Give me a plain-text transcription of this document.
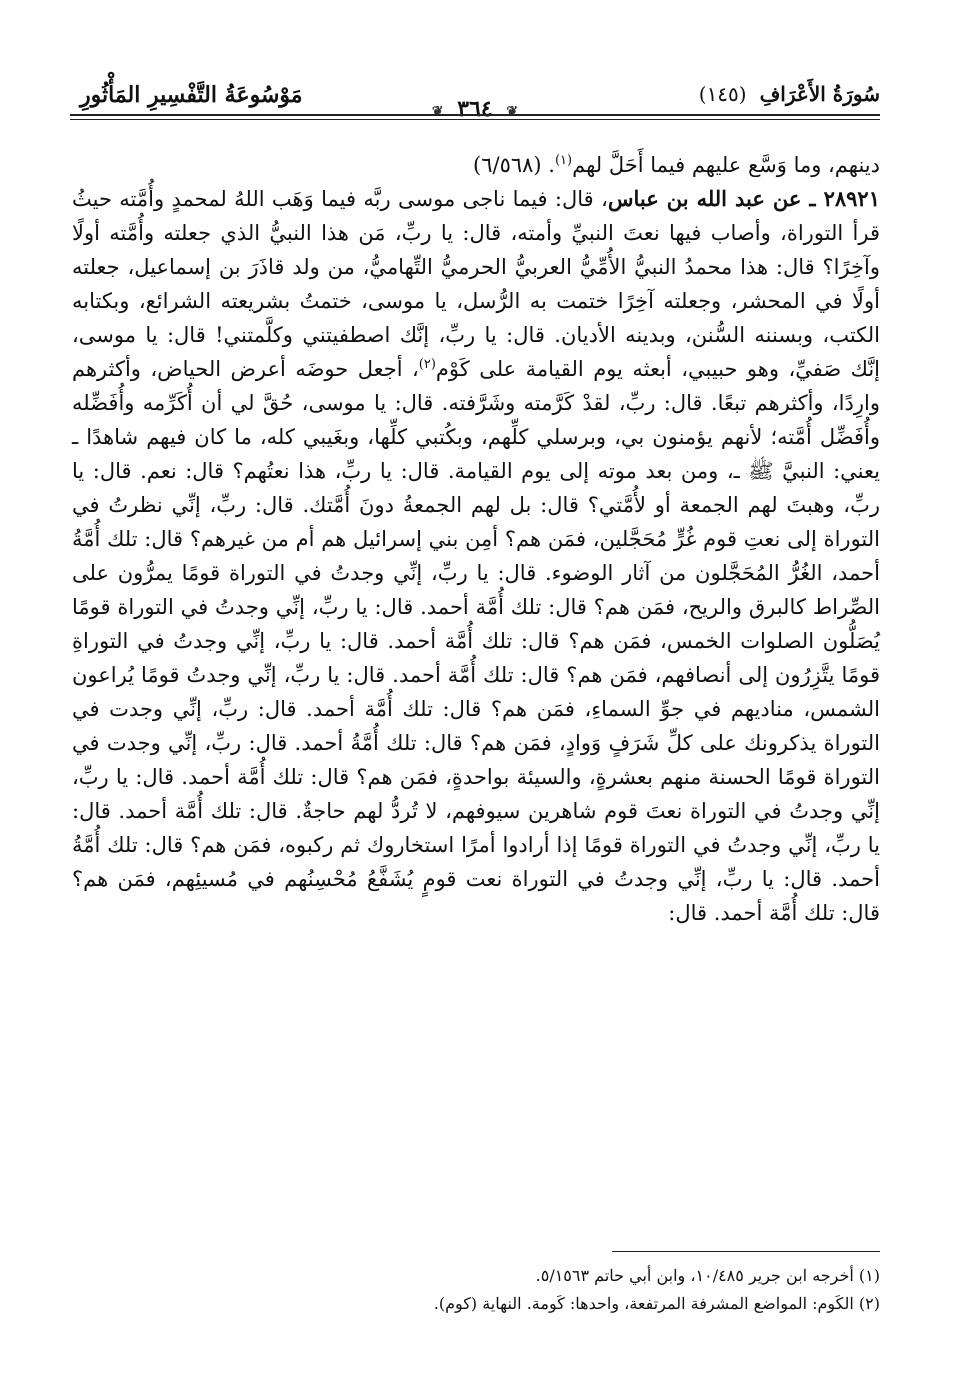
مَوْسُوعَةُ التَّفْسِيرِ المَأْثُورِ
❦ ٣٦٤ ❦
سُورَةُ الأَعْرَافِ (١٤٥)

دينهم، وما وَسَّع عليهم فيما أَحَلَّ لهم$^{(١)}$. (٦/٥٦٨)

٢٨٩٢١ ـ عن عبد الله بن عباس، قال: فيما ناجى موسى ربَّه فيما وَهَب اللهُ لمحمدٍ وأُمَّته حيثُ قرأ التوراة، وأصاب فيها نعتَ النبيِّ وأمته، قال: يا ربِّ، مَن هذا النبيُّ الذي جعلته وأُمَّته أولًا وآخِرًا؟ قال: هذا محمدُ النبيُّ الأُمِّيُّ العربيُّ الحرميُّ التِّهاميُّ، من ولد قاذَرَ بن إسماعيل، جعلته أولًا في المحشر، وجعلته آخِرًا ختمت به الرُّسل، يا موسى، ختمتُ بشريعته الشرائع، وبكتابه الكتب، وبسننه السُّنن، وبدينه الأديان. قال: يا ربِّ، إنَّك اصطفيتني وكلَّمتني! قال: يا موسى، إنَّك صَفيِّ، وهو حبيبي، أبعثه يوم القيامة على كَوْم$^{(٢)}$، أجعل حوضَه أعرض الحياض، وأكثرهم وارِدًا، وأكثرهم تبعًا. قال: ربِّ، لقدْ كَرَّمته وشَرَّفته. قال: يا موسى، حُقَّ لي أن أُكَرِّمه وأُفَضِّله وأُفَضِّل أُمَّته؛ لأنهم يؤمنون بي، وبرسلي كلِّهم، وبكُتبي كلِّها، وبغَيبي كله، ما كان فيهم شاهدًا ـ يعني: النبيَّ ﷺ ـ، ومن بعد موته إلى يوم القيامة. قال: يا ربِّ، هذا نعتُهم؟ قال: نعم. قال: يا ربِّ، وهبتَ لهم الجمعة أو لأُمَّتي؟ قال: بل لهم الجمعةُ دونَ أُمَّتك. قال: ربِّ، إنِّي نظرتُ في التوراة إلى نعتِ قوم غُرٍّ مُحَجَّلين، فمَن هم؟ أمِن بني إسرائيل هم أم من غيرهم؟ قال: تلك أُمَّةُ أحمد، الغُرُّ المُحَجَّلون من آثار الوضوء. قال: يا ربِّ، إنِّي وجدتُ في التوراة قومًا يمرُّون على الصِّراط كالبرق والريح، فمَن هم؟ قال: تلك أُمَّة أحمد. قال: يا ربِّ، إنِّي وجدتُ في التوراة قومًا يُصَلُّون الصلوات الخمس، فمَن هم؟ قال: تلك أُمَّة أحمد. قال: يا ربِّ، إنِّي وجدتُ في التوراةِ قومًا يتَّزِرُون إلى أنصافهم، فمَن هم؟ قال: تلك أُمَّة أحمد. قال: يا ربِّ، إنِّي وجدتُ قومًا يُراعون الشمس، مناديهم في جوِّ السماءِ، فمَن هم؟ قال: تلك أُمَّة أحمد. قال: ربِّ، إنِّي وجدت في التوراة يذكرونك على كلِّ شَرَفٍ وَوادٍ، فمَن هم؟ قال: تلك أُمَّةُ أحمد. قال: ربِّ، إنِّي وجدت في التوراة قومًا الحسنة منهم بعشرةٍ، والسيئة بواحدةٍ، فمَن هم؟ قال: تلك أُمَّة أحمد. قال: يا ربِّ، إنِّي وجدتُ في التوراة نعتَ قوم شاهرين سيوفهم، لا تُردُّ لهم حاجةٌ. قال: تلك أُمَّة أحمد. قال: يا ربِّ، إنِّي وجدتُ في التوراة قومًا إذا أرادوا أمرًا استخاروك ثم ركبوه، فمَن هم؟ قال: تلك أُمَّةُ أحمد. قال: يا ربِّ، إنِّي وجدتُ في التوراة نعت قومٍ يُشَفَّعُ مُحْسِنُهم في مُسيئِهم، فمَن هم؟ قال: تلك أُمَّة أحمد. قال:

(١) أخرجه ابن جرير ١٠/٤٨٥، وابن أبي حاتم ٥/١٥٦٣.

(٢) الكَوم: المواضع المشرفة المرتفعة، واحدها: كَومة. النهاية (كوم).
